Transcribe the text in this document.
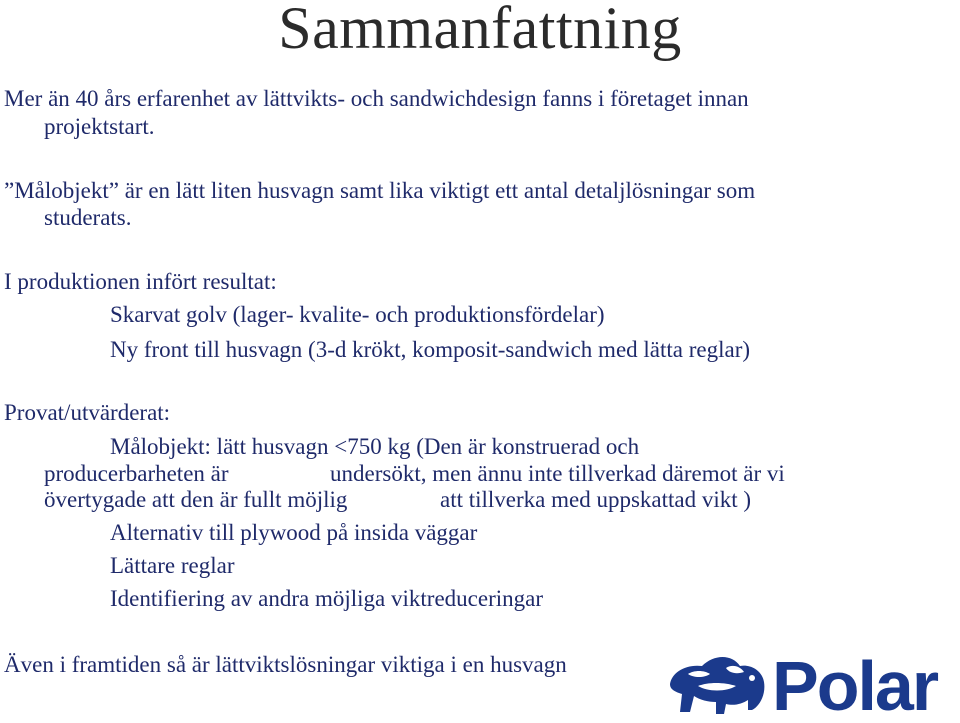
Sammanfattning
Mer än 40 års erfarenhet av lättvikts- och sandwichdesign fanns i företaget innan
projektstart.
”Målobjekt” är en lätt liten husvagn samt lika viktigt ett antal detaljlösningar som
studerats.
I produktionen infört resultat:
Skarvat golv (lager- kvalite- och produktionsfördelar)
Ny front till husvagn (3-d krökt, komposit-sandwich med lätta reglar)
Provat/utvärderat:
Målobjekt: lätt husvagn <750 kg (Den är konstruerad och
producerbarheten är	undersökt, men ännu inte tillverkad däremot är vi
övertygade att den är fullt möjlig	att tillverka med uppskattad vikt )
Alternativ till plywood på insida väggar
Lättare reglar
Identifiering av andra möjliga viktreduceringar
Även i framtiden så är lättviktslösningar viktiga i en husvagn	Polar
